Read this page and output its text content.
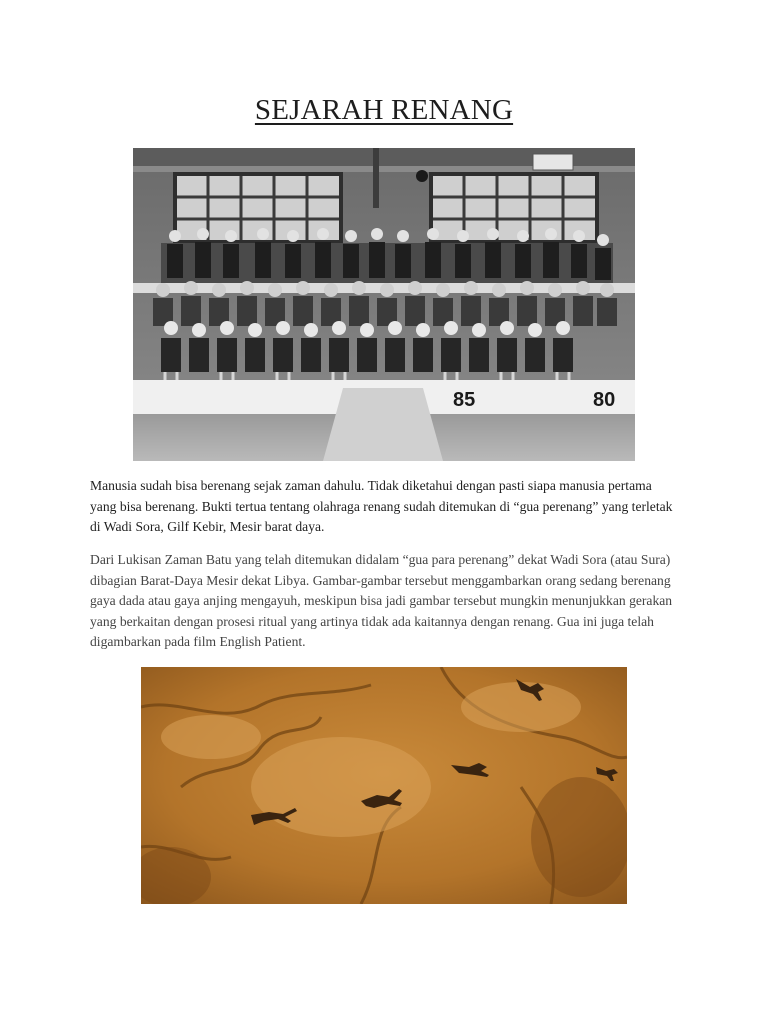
SEJARAH RENANG
85	80

Manusia sudah bisa berenang sejak zaman dahulu. Tidak diketahui dengan pasti siapa manusia pertama yang bisa berenang. Bukti tertua tentang olahraga renang sudah ditemukan di “gua perenang” yang terletak di Wadi Sora, Gilf Kebir, Mesir barat daya.

Dari Lukisan Zaman Batu yang telah ditemukan didalam “gua para perenang” dekat Wadi Sora (atau Sura) dibagian Barat-Daya Mesir dekat Libya. Gambar-gambar tersebut menggambarkan orang sedang berenang gaya dada atau gaya anjing mengayuh, meskipun bisa jadi gambar tersebut mungkin menunjukkan gerakan yang berkaitan dengan prosesi ritual yang artinya tidak ada kaitannya dengan renang. Gua ini juga telah digambarkan pada film English Patient.
